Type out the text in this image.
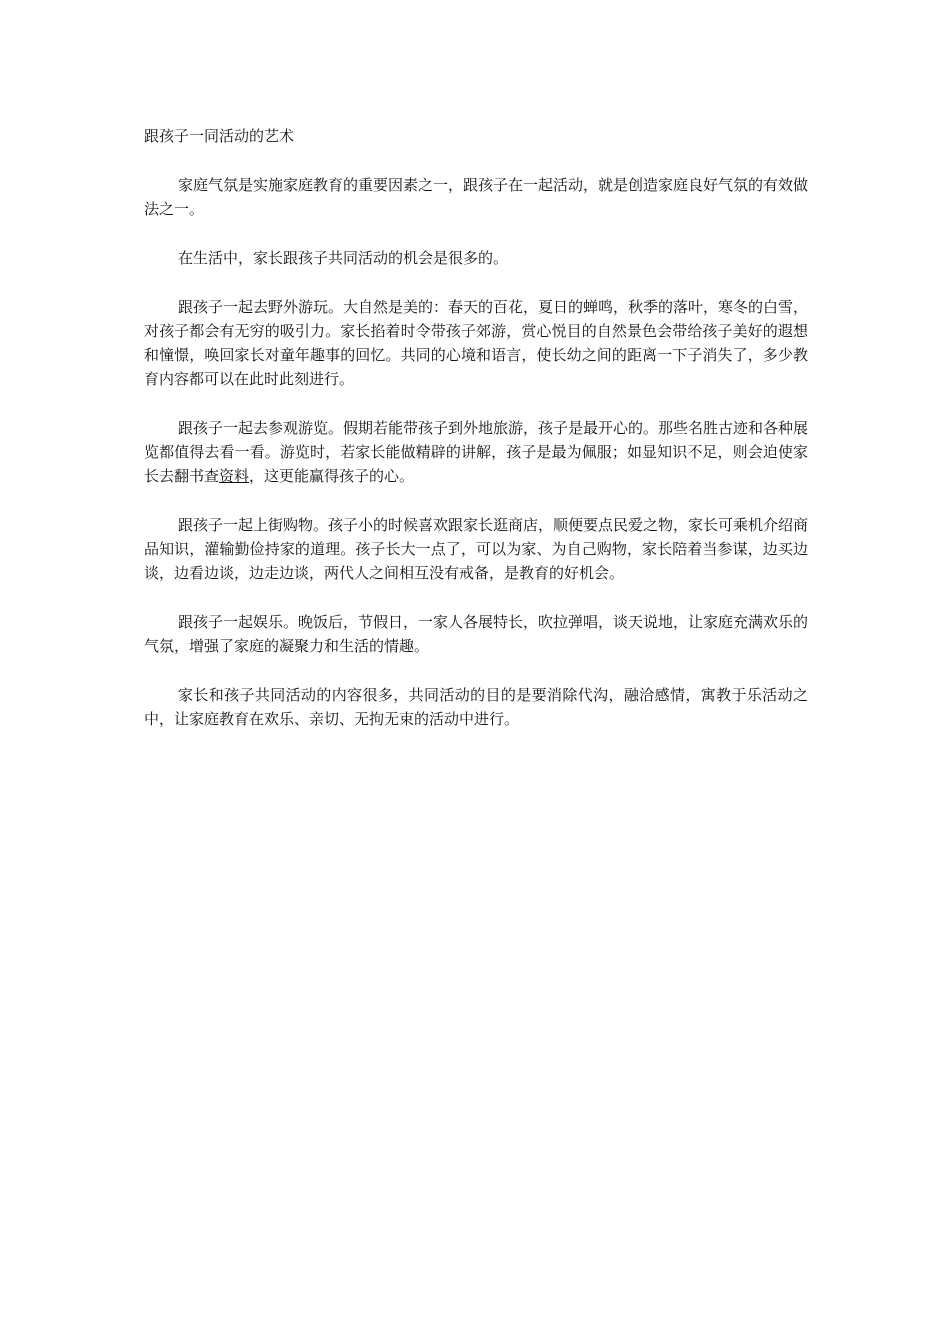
跟孩子一同活动的艺术

家庭气氛是实施家庭教育的重要因素之一，跟孩子在一起活动，就是创造家庭良好气氛的有效做法之一。

在生活中，家长跟孩子共同活动的机会是很多的。

跟孩子一起去野外游玩。大自然是美的：春天的百花，夏日的蝉鸣，秋季的落叶，寒冬的白雪，对孩子都会有无穷的吸引力。家长掐着时令带孩子郊游，赏心悦目的自然景色会带给孩子美好的遐想和憧憬，唤回家长对童年趣事的回忆。共同的心境和语言，使长幼之间的距离一下子消失了，多少教育内容都可以在此时此刻进行。

跟孩子一起去参观游览。假期若能带孩子到外地旅游，孩子是最开心的。那些名胜古迹和各种展览都值得去看一看。游览时，若家长能做精辟的讲解，孩子是最为佩服；如显知识不足，则会迫使家长去翻书查资料，这更能赢得孩子的心。

跟孩子一起上街购物。孩子小的时候喜欢跟家长逛商店，顺便要点民爱之物，家长可乘机介绍商品知识，灌输勤俭持家的道理。孩子长大一点了，可以为家、为自己购物，家长陪着当参谋，边买边谈，边看边谈，边走边谈，两代人之间相互没有戒备，是教育的好机会。

跟孩子一起娱乐。晚饭后，节假日，一家人各展特长，吹拉弹唱，谈天说地，让家庭充满欢乐的气氛，增强了家庭的凝聚力和生活的情趣。

家长和孩子共同活动的内容很多，共同活动的目的是要消除代沟，融洽感情，寓教于乐活动之中，让家庭教育在欢乐、亲切、无拘无束的活动中进行。
